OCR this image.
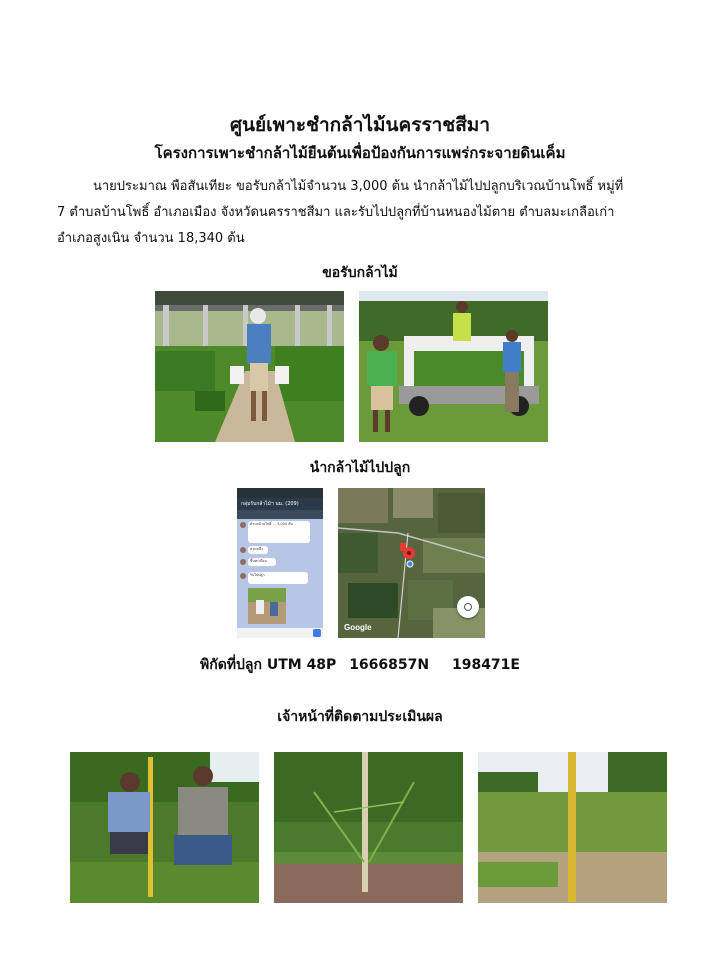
ศูนย์เพาะชำกล้าไม้นครราชสีมา
โครงการเพาะชำกล้าไม้ยืนต้นเพื่อป้องกันการแพร่กระจายดินเค็ม
นายประมาณ พือสันเทียะ ขอรับกล้าไม้จำนวน 3,000 ต้น นำกล้าไม้ไปปลูกบริเวณบ้านโพธิ์ หมู่ที่
7 ตำบลบ้านโพธิ์ อำเภอเมือง จังหวัดนครราชสีมา และรับไปปลูกที่บ้านหนองไม้ตาย ตำบลมะเกลือเก่า
อำเภอสูงเนิน จำนวน 18,340 ต้น
ขอรับกล้าไม้
นำกล้าไม้ไปปลูก
กลุ่มรับกล้าไม้ฯ นม. (209)
ตำบลบ้านโพธิ์ ... 3,000 ต้น
ส่วนหนึ่ง
ขึ้นทะเบียน
รับไปปลูก
Google
พิกัดที่ปลูก UTM 48P 1666857N 198471E
เจ้าหน้าที่ติดตามประเมินผล
